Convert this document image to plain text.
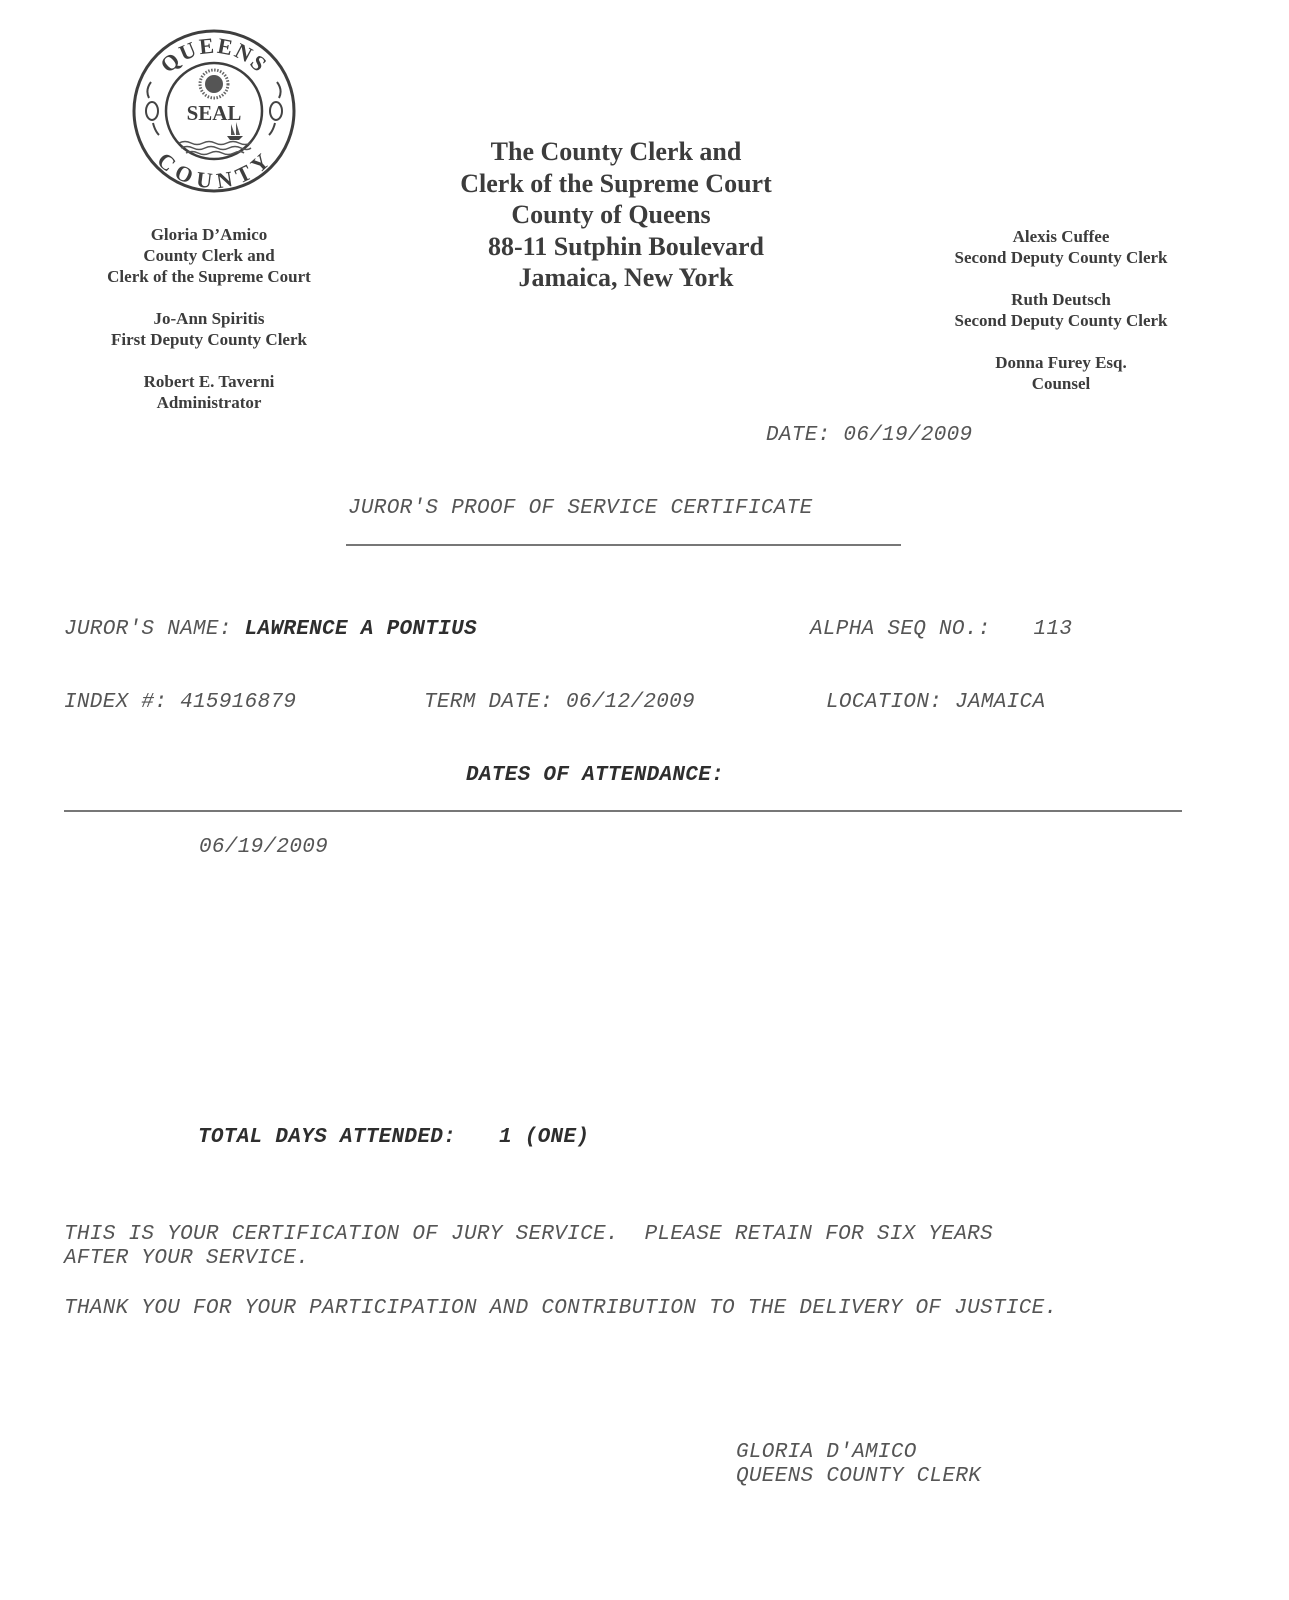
QUEENS
COUNTY
SEAL
Gloria D’Amico
County Clerk and
Clerk of the Supreme Court
Jo-Ann Spiritis
First Deputy County Clerk
Robert E. Taverni
Administrator
The County Clerk and
Clerk of the Supreme Court
County of Queens
88-11 Sutphin Boulevard
Jamaica, New York
Alexis Cuffee
Second Deputy County Clerk
Ruth Deutsch
Second Deputy County Clerk
Donna Furey Esq.
Counsel
DATE: 06/19/2009
JUROR'S PROOF OF SERVICE CERTIFICATE
JUROR'S NAME: LAWRENCE A PONTIUS	ALPHA SEQ NO.: 113
INDEX #: 415916879	TERM DATE: 06/12/2009	LOCATION: JAMAICA
DATES OF ATTENDANCE:
06/19/2009
TOTAL DAYS ATTENDED: 1 (ONE)
THIS IS YOUR CERTIFICATION OF JURY SERVICE.  PLEASE RETAIN FOR SIX YEARS
AFTER YOUR SERVICE.
THANK YOU FOR YOUR PARTICIPATION AND CONTRIBUTION TO THE DELIVERY OF JUSTICE.
GLORIA D'AMICO
QUEENS COUNTY CLERK
